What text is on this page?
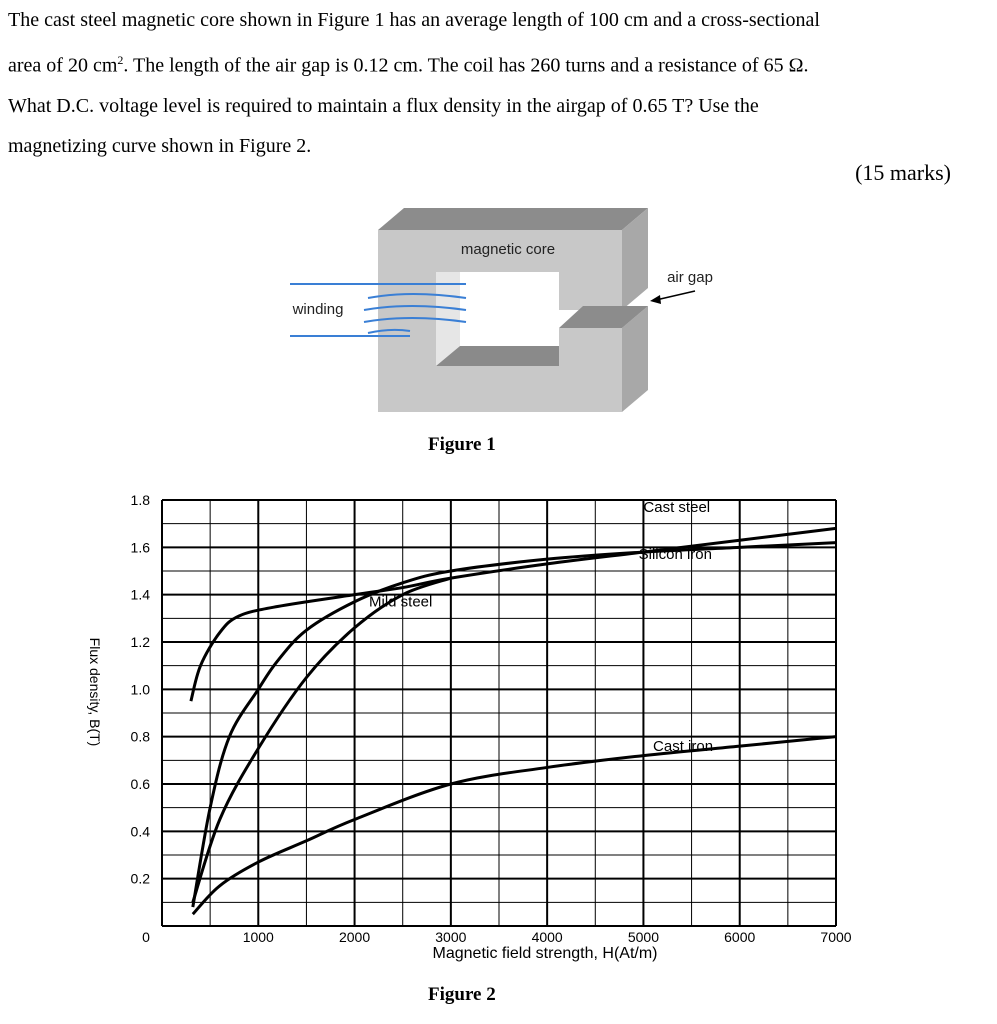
The cast steel magnetic core shown in Figure 1 has an average length of 100 cm and a cross-sectional

area of 20 $cm^2$. The length of the air gap is 0.12 cm. The coil has 260 turns and a resistance of 65 Ω.

What D.C. voltage level is required to maintain a flux density in the airgap of 0.65 T? Use the

magnetizing curve shown in Figure 2.

(15 marks)
magnetic core
air gap
winding
Figure 1
1000	2000	3000	4000	5000	6000	7000
0
0.2
0.4
0.6
0.8
1.0
1.2
1.4
1.6
1.8	Cast steel
Silicon iron
Mild steel
Cast iron
Magnetic field strength, H(At/m)
Flux density, B(T)
Figure 2
